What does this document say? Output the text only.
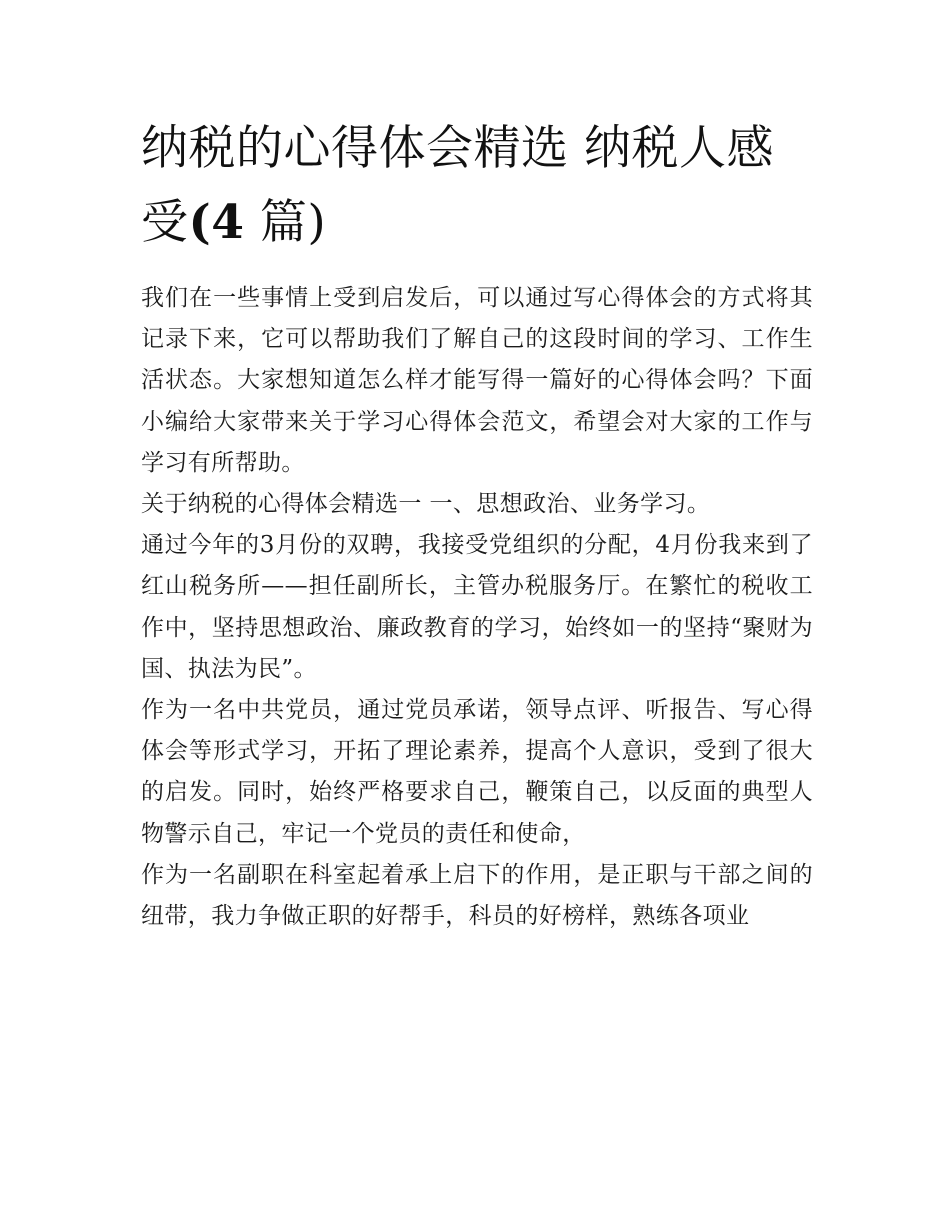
纳税的心得体会精选 纳税人感受(4 篇)

我们在一些事情上受到启发后，可以通过写心得体会的方式将其记录下来，它可以帮助我们了解自己的这段时间的学习、工作生活状态。大家想知道怎么样才能写得一篇好的心得体会吗？下面小编给大家带来关于学习心得体会范文，希望会对大家的工作与学习有所帮助。

关于纳税的心得体会精选一 一、思想政治、业务学习。

通过今年的3月份的双聘，我接受党组织的分配，4月份我来到了红山税务所——担任副所长，主管办税服务厅。在繁忙的税收工作中，坚持思想政治、廉政教育的学习，始终如一的坚持“聚财为国、执法为民”。

作为一名中共党员，通过党员承诺，领导点评、听报告、写心得体会等形式学习，开拓了理论素养，提高个人意识，受到了很大的启发。同时，始终严格要求自己，鞭策自己，以反面的典型人物警示自己，牢记一个党员的责任和使命，

作为一名副职在科室起着承上启下的作用，是正职与干部之间的纽带，我力争做正职的好帮手，科员的好榜样，熟练各项业
